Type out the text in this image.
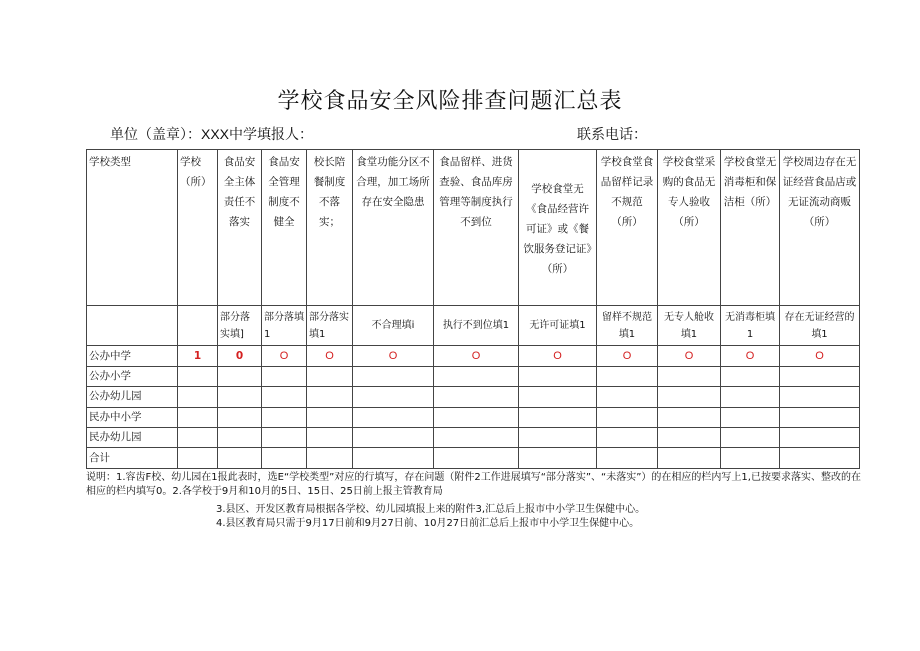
学校食品安全风险排查问题汇总表
单位（盖章）：XXX中学填报人：	联系电话：
学校类型	学校（所）	食品安全主体责任不落实	食品安全管理制度不健全	校长陪餐制度不落实；	食堂功能分区不合理，加工场所存在安全隐患	食品留样、进货查验、食品库房管理等制度执行不到位	学校食堂无《食品经营许可证》或《餐饮服务登记证》（所）	学校食堂食品留样记录不规范（所）	学校食堂采购的食品无专人验收（所）	学校食堂无消毒柜和保洁柜（所）	学校周边存在无证经营食品店或无证流动商贩（所）
		部分落实填]	部分落填1	部分落实填1	不合理填i	执行不到位填1	无许可证填1	留样不规范填1	无专人舱收填1	无消毒柜填1	存在无证经营的填1
公办中学	1	0	O	O	O	O	O	O	O	O	O
公办小学											
公办幼儿园											
民办中小学											
民办幼儿园											
合计											
说明：1.容齿F校、幼儿园在1报此表时，选E“学校类型”对应的行填写，存在问题（附件2工作进展填写“部分落实”、“未落实”）的在相应的栏内写上1,已按要求落实、整改的在相应的栏内填写0。2.各学校于9月和10月的5日、15日、25日前上报主管教育局
3.县区、开发区教育局根据各学校、幼儿园填报上来的附件3,汇总后上报市中小学卫生保健中心。
4.县区教育局只需于9月17日前和9月27日前、10月27日前汇总后上报市中小学卫生保健中心。
